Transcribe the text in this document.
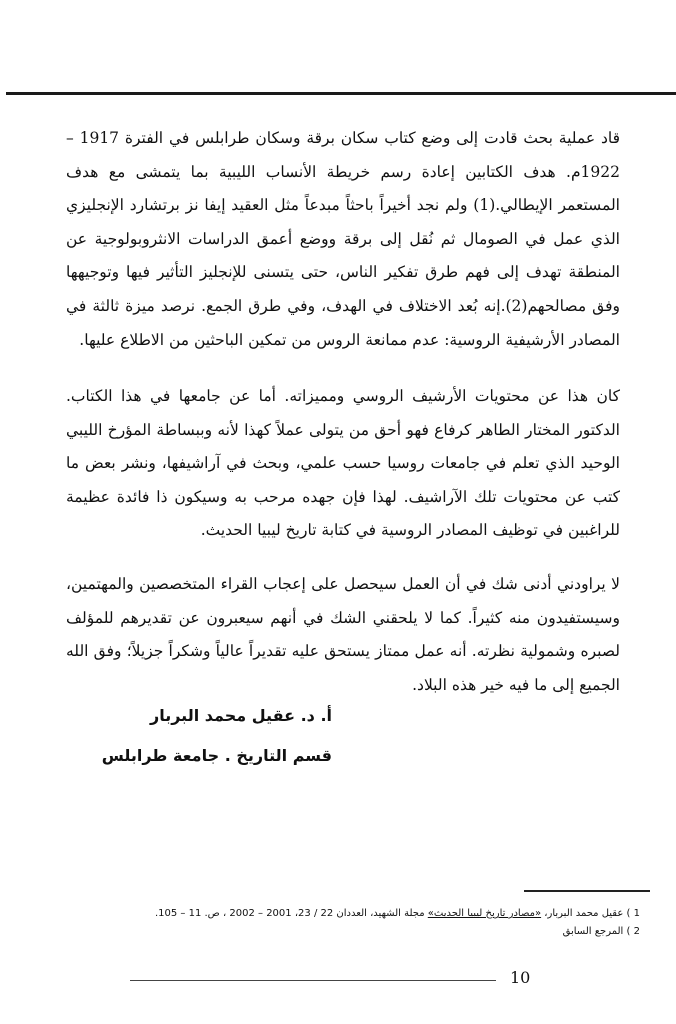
قاد عملية بحث قادت إلى وضع كتاب سكان برقة وسكان طرابلس في الفترة 1917 – 1922م. هدف الكتابين إعادة رسم خريطة الأنساب الليبية بما يتمشى مع هدف المستعمر الإيطالي.(1) ولم نجد أخيراً باحثاً مبدعاً مثل العقيد إيفا نز برتشارد الإنجليزي الذي عمل في الصومال ثم نُقل إلى برقة ووضع أعمق الدراسات الانثروبولوجية عن المنطقة تهدف إلى فهم طرق تفكير الناس، حتى يتسنى للإنجليز التأثير فيها وتوجيهها وفق مصالحهم(2).إنه بُعد الاختلاف في الهدف، وفي طرق الجمع. نرصد ميزة ثالثة في المصادر الأرشيفية الروسية: عدم ممانعة الروس من تمكين الباحثين من الاطلاع عليها.

كان هذا عن محتويات الأرشيف الروسي ومميزاته. أما عن جامعها في هذا الكتاب. الدكتور المختار الطاهر كرفاع فهو أحق من يتولى عملاً كهذا لأنه وببساطة المؤرخ الليبي الوحيد الذي تعلم في جامعات روسيا حسب علمي، وبحث في آراشيفها، ونشر بعض ما كتب عن محتويات تلك الآراشيف. لهذا فإن جهده مرحب به وسيكون ذا فائدة عظيمة للراغبين في توظيف المصادر الروسية في كتابة تاريخ ليبيا الحديث.

لا يراودني أدنى شك في أن العمل سيحصل على إعجاب القراء المتخصصين والمهتمين، وسيستفيدون منه كثيراً. كما لا يلحقني الشك في أنهم سيعبرون عن تقديرهم للمؤلف لصبره وشمولية نظرته. أنه عمل ممتاز يستحق عليه تقديراً عالياً وشكراً جزيلاً؛ وفق الله الجميع إلى ما فيه خير هذه البلاد.

أ. د. عقيل محمد البربار
قسم التاريخ . جامعة طرابلس
1 ) عقيل محمد البربار، «مصادر تاريخ ليبيا الحديث» مجلة الشهيد، العددان 22 / 23، 2001 – 2002 ، ص. 11 – 105.
2 ) المرجع السابق
10
